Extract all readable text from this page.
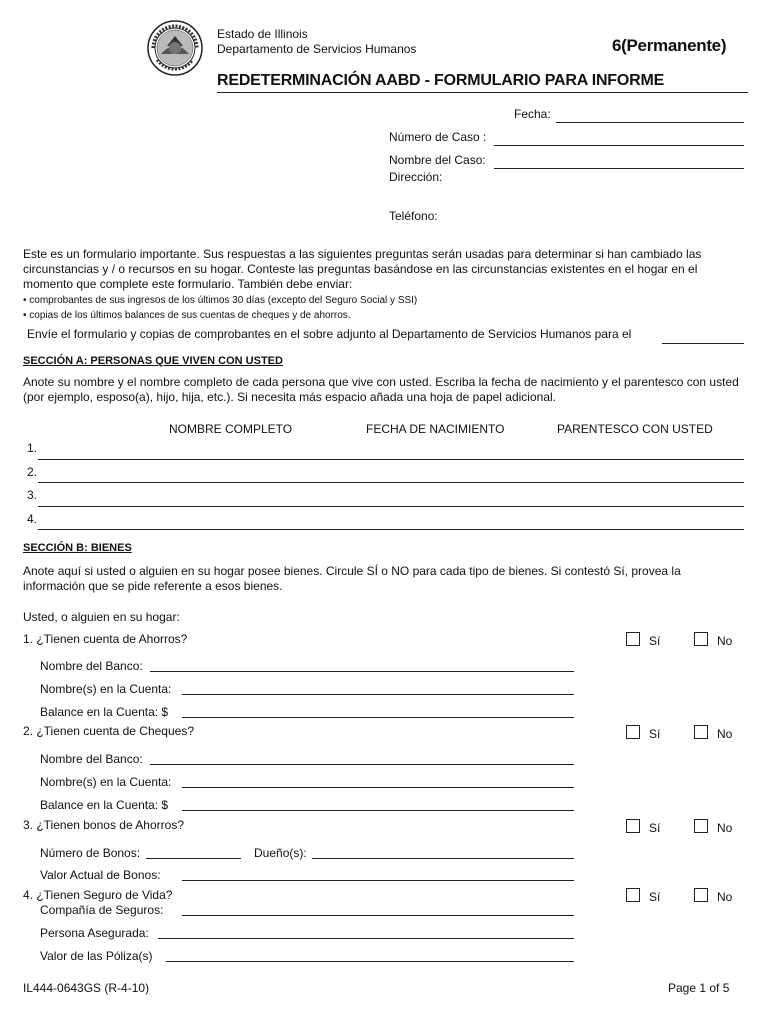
Estado de Illinois
Departamento de Servicios Humanos	6(Permanente)
REDETERMINACIÓN AABD - FORMULARIO PARA INFORME
Fecha:
Número de Caso :
Nombre del Caso:
Dirección:
Teléfono:

Este es un formulario importante. Sus respuestas a las siguientes preguntas serán usadas para determinar si han cambiado las circunstancias y / o recursos en su hogar. Conteste las preguntas basándose en las circunstancias existentes en el hogar en el momento que complete este formulario. También debe enviar:

• comprobantes de sus ingresos de los últimos 30 días (excepto del Seguro Social y SSI)
• copias de los últimos balances de sus cuentas de cheques y de ahorros.
Envíe el formulario y copias de comprobantes en el sobre adjunto al Departamento de Servicios Humanos para el
SECCIÓN A: PERSONAS QUE VIVEN CON USTED

Anote su nombre y el nombre completo de cada persona que vive con usted. Escriba la fecha de nacimiento y el parentesco con usted (por ejemplo, esposo(a), hijo, hija, etc.). Si necesita más espacio añada una hoja de papel adicional.

NOMBRE COMPLETO	FECHA DE NACIMIENTO	PARENTESCO CON USTED
1.
2.
3.
4.
SECCIÓN B: BIENES

Anote aquí si usted o alguien en su hogar posee bienes. Circule SÍ o NO para cada tipo de bienes. Si contestó Sí, provea la información que se pide referente a esos bienes.

Usted, o alguien en su hogar:
1. ¿Tienen cuenta de Ahorros?	Sí	No
Nombre del Banco:
Nombre(s) en la Cuenta:
Balance en la Cuenta: $
2. ¿Tienen cuenta de Cheques?	Sí	No
Nombre del Banco:
Nombre(s) en la Cuenta:
Balance en la Cuenta: $
3. ¿Tienen bonos de Ahorros?	Sí	No
Número de Bonos:	Dueño(s):
Valor Actual de Bonos:
4. ¿Tienen Seguro de Vida?	Sí	No
Compañía de Seguros:
Persona Asegurada:
Valor de las Póliza(s)
IL444-0643GS (R-4-10)	Page 1 of 5
